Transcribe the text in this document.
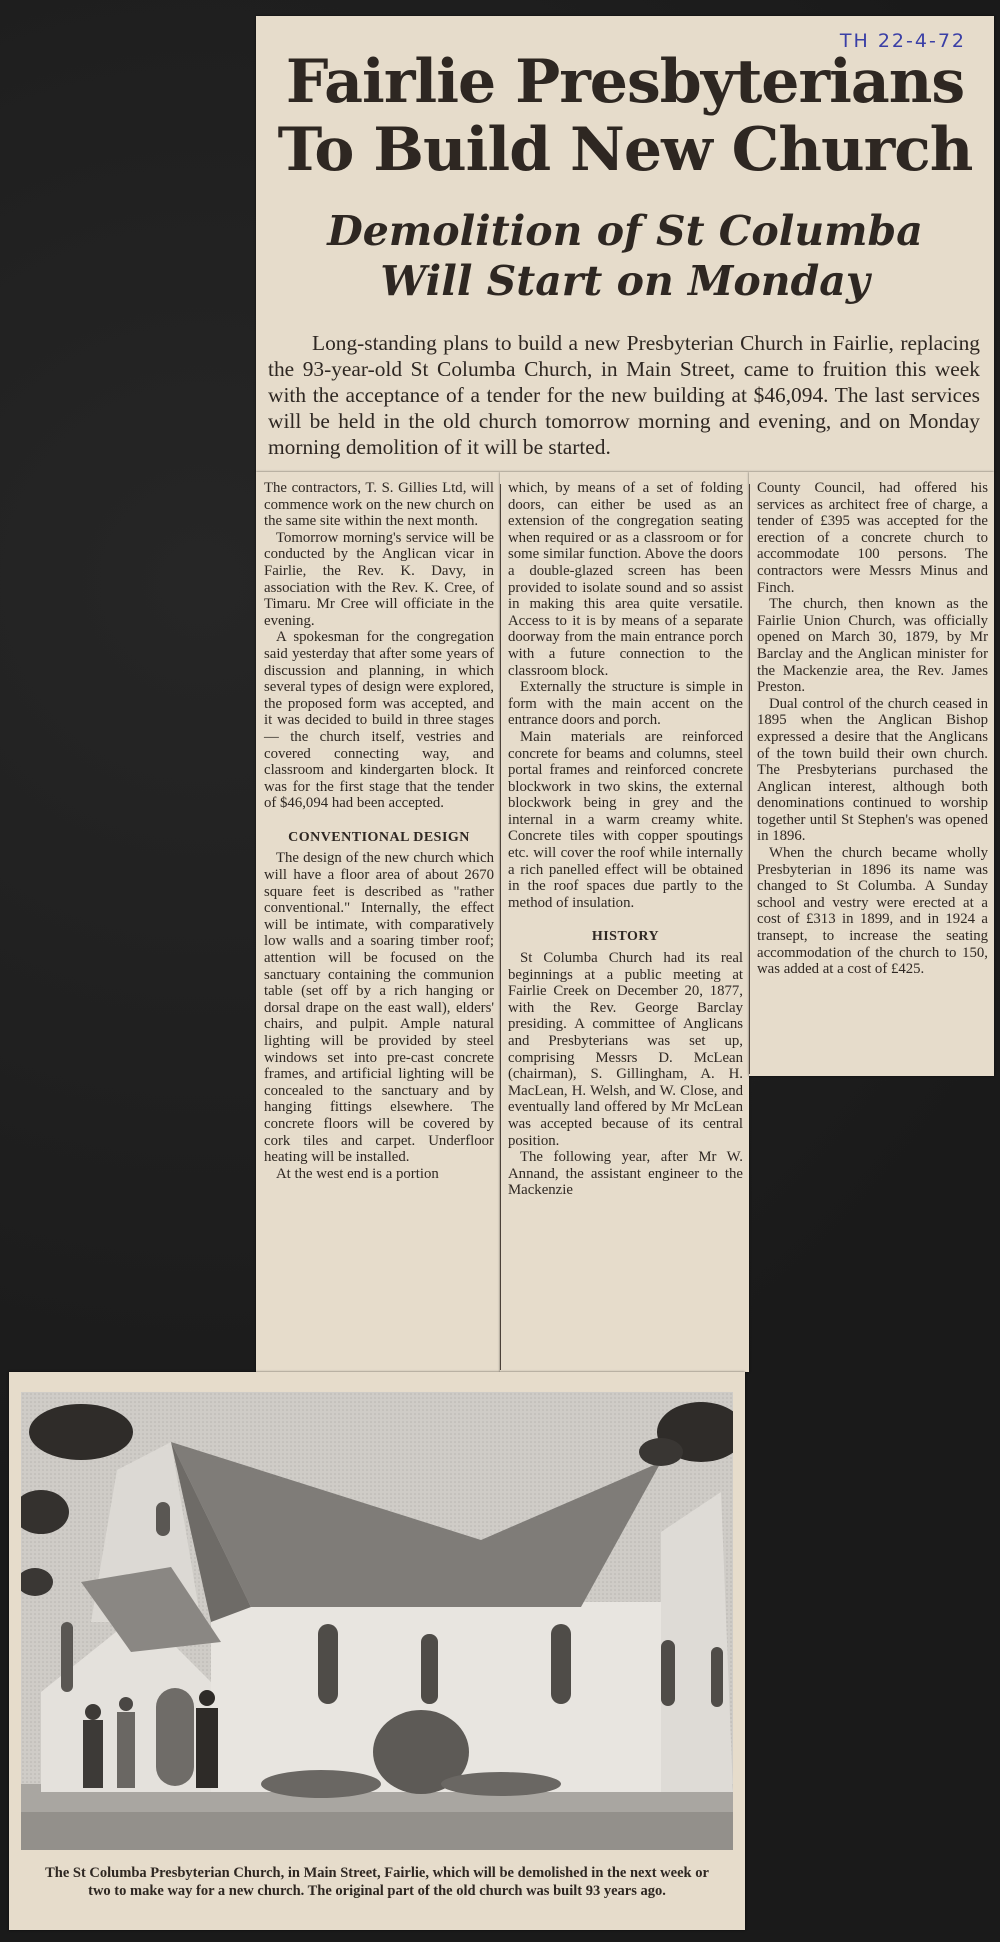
TH 22-4-72
Fairlie Presbyterians
To Build New Church
Demolition of St Columba
Will Start on Monday
Long-standing plans to build a new Presbyterian Church in Fairlie, replacing the 93-year-old St Columba Church, in Main Street, came to fruition this week with the acceptance of a tender for the new building at $46,094. The last services will be held in the old church tomorrow morning and evening, and on Monday morning demolition of it will be started.

The contractors, T. S. Gillies Ltd, will commence work on the new church on the same site within the next month.

Tomorrow morning's service will be conducted by the Anglican vicar in Fairlie, the Rev. K. Davy, in association with the Rev. K. Cree, of Timaru. Mr Cree will officiate in the evening.

A spokesman for the congregation said yesterday that after some years of discussion and planning, in which several types of design were explored, the proposed form was accepted, and it was decided to build in three stages — the church itself, vestries and covered connecting way, and classroom and kindergarten block. It was for the first stage that the tender of $46,094 had been accepted.

CONVENTIONAL DESIGN

The design of the new church which will have a floor area of about 2670 square feet is described as "rather conventional." Internally, the effect will be intimate, with comparatively low walls and a soaring timber roof; attention will be focused on the sanctuary containing the communion table (set off by a rich hanging or dorsal drape on the east wall), elders' chairs, and pulpit. Ample natural lighting will be provided by steel windows set into pre-cast concrete frames, and artificial lighting will be concealed to the sanctuary and by hanging fittings elsewhere. The concrete floors will be covered by cork tiles and carpet. Underfloor heating will be installed.

At the west end is a portion

which, by means of a set of folding doors, can either be used as an extension of the congregation seating when required or as a classroom or for some similar function. Above the doors a double-glazed screen has been provided to isolate sound and so assist in making this area quite versatile. Access to it is by means of a separate doorway from the main entrance porch with a future connection to the classroom block.

Externally the structure is simple in form with the main accent on the entrance doors and porch.

Main materials are reinforced concrete for beams and columns, steel portal frames and reinforced concrete blockwork in two skins, the external blockwork being in grey and the internal in a warm creamy white. Concrete tiles with copper spoutings etc. will cover the roof while internally a rich panelled effect will be obtained in the roof spaces due partly to the method of insulation.

HISTORY

St Columba Church had its real beginnings at a public meeting at Fairlie Creek on December 20, 1877, with the Rev. George Barclay presiding. A committee of Anglicans and Presbyterians was set up, comprising Messrs D. McLean (chairman), S. Gillingham, A. H. MacLean, H. Welsh, and W. Close, and eventually land offered by Mr McLean was accepted because of its central position.

The following year, after Mr W. Annand, the assistant engineer to the Mackenzie

County Council, had offered his services as architect free of charge, a tender of £395 was accepted for the erection of a concrete church to accommodate 100 persons. The contractors were Messrs Minus and Finch.

The church, then known as the Fairlie Union Church, was officially opened on March 30, 1879, by Mr Barclay and the Anglican minister for the Mackenzie area, the Rev. James Preston.

Dual control of the church ceased in 1895 when the Anglican Bishop expressed a desire that the Anglicans of the town build their own church. The Presbyterians purchased the Anglican interest, although both denominations continued to worship together until St Stephen's was opened in 1896.

When the church became wholly Presbyterian in 1896 its name was changed to St Columba. A Sunday school and vestry were erected at a cost of £313 in 1899, and in 1924 a transept, to increase the seating accommodation of the church to 150, was added at a cost of £425.

The St Columba Presbyterian Church, in Main Street, Fairlie, which will be demolished in the next week or two to make way for a new church. The original part of the old church was built 93 years ago.
